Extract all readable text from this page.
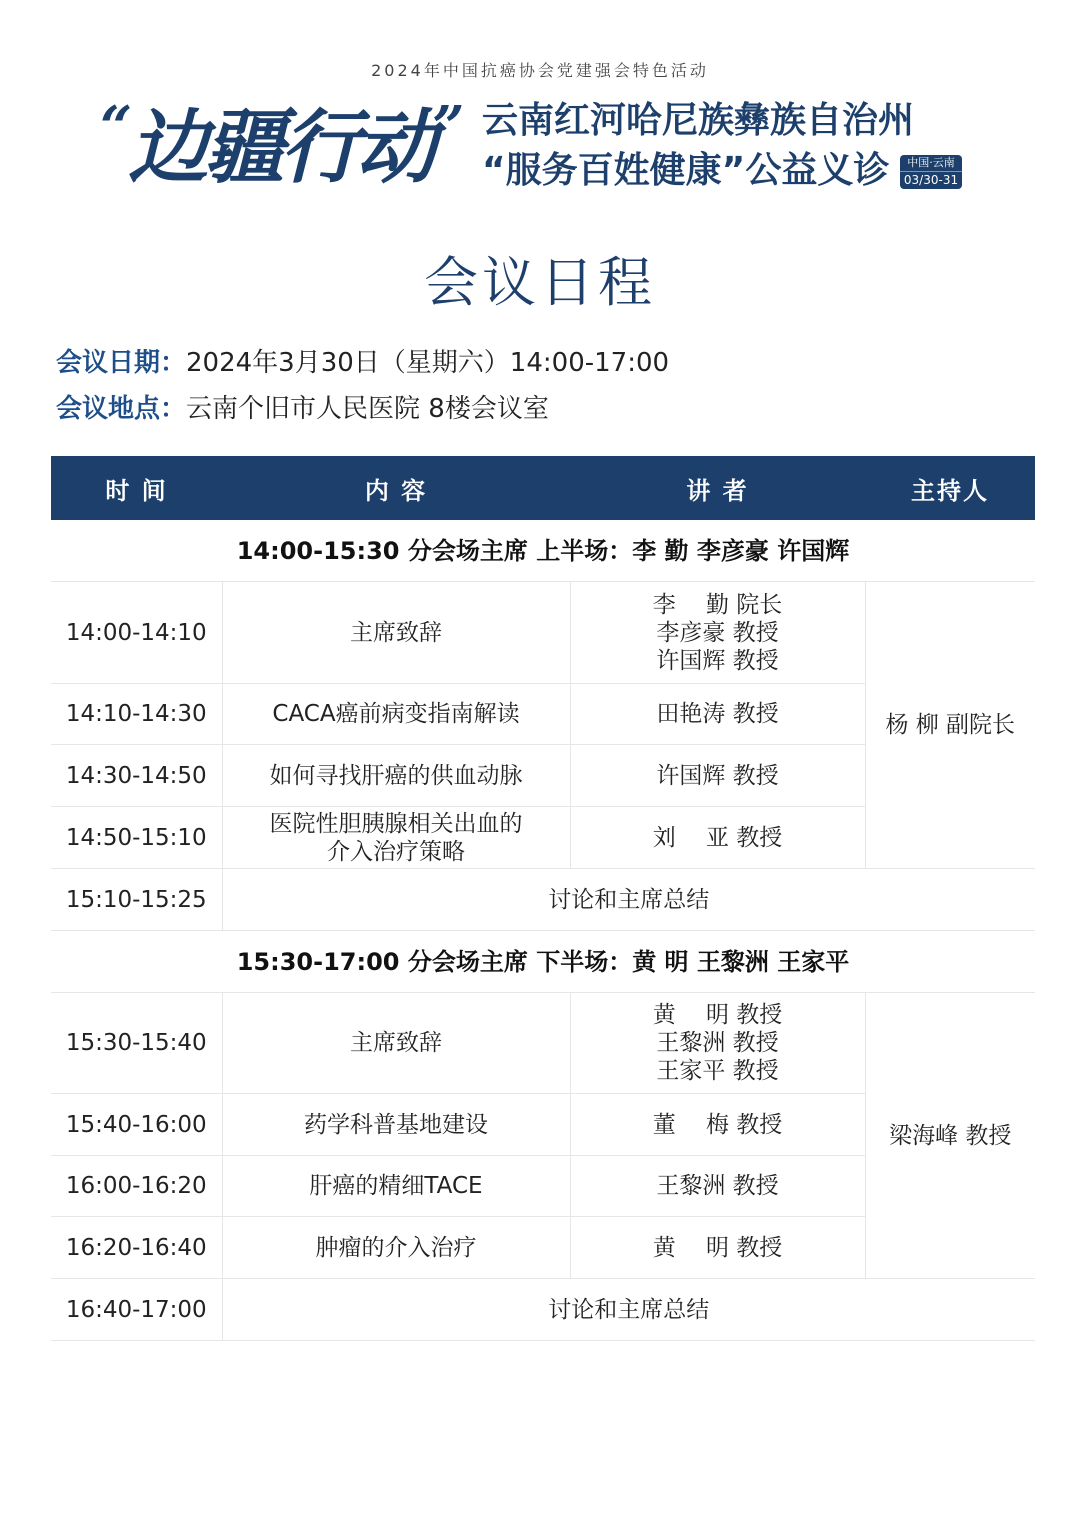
2024年中国抗癌协会党建强会特色活动
“边疆行动” 云南红河哈尼族彝族自治州
“服务百姓健康”公益义诊	中国·云南
03/30-31
会议日程
会议日期：2024年3月30日（星期六）14:00-17:00
会议地点：云南个旧市人民医院 8楼会议室
时 间	内 容	讲 者	主持人
14:00-15:30 分会场主席 上半场：李 勤 李彦豪 许国辉			
14:00-14:10	主席致辞	李　 勤 院长
李彦豪 教授
许国辉 教授	杨 柳 副院长
14:10-14:30	CACA癌前病变指南解读	田艳涛 教授	
14:30-14:50	如何寻找肝癌的供血动脉	许国辉 教授	
14:50-15:10	医院性胆胰腺相关出血的
介入治疗策略	刘　 亚 教授	
15:10-15:25	讨论和主席总结		
15:30-17:00 分会场主席 下半场：黄 明 王黎洲 王家平			
15:30-15:40	主席致辞	黄　 明 教授
王黎洲 教授
王家平 教授	梁海峰 教授
15:40-16:00	药学科普基地建设	董　 梅 教授	
16:00-16:20	肝癌的精细TACE	王黎洲 教授	
16:20-16:40	肿瘤的介入治疗	黄　 明 教授	
16:40-17:00	讨论和主席总结		
